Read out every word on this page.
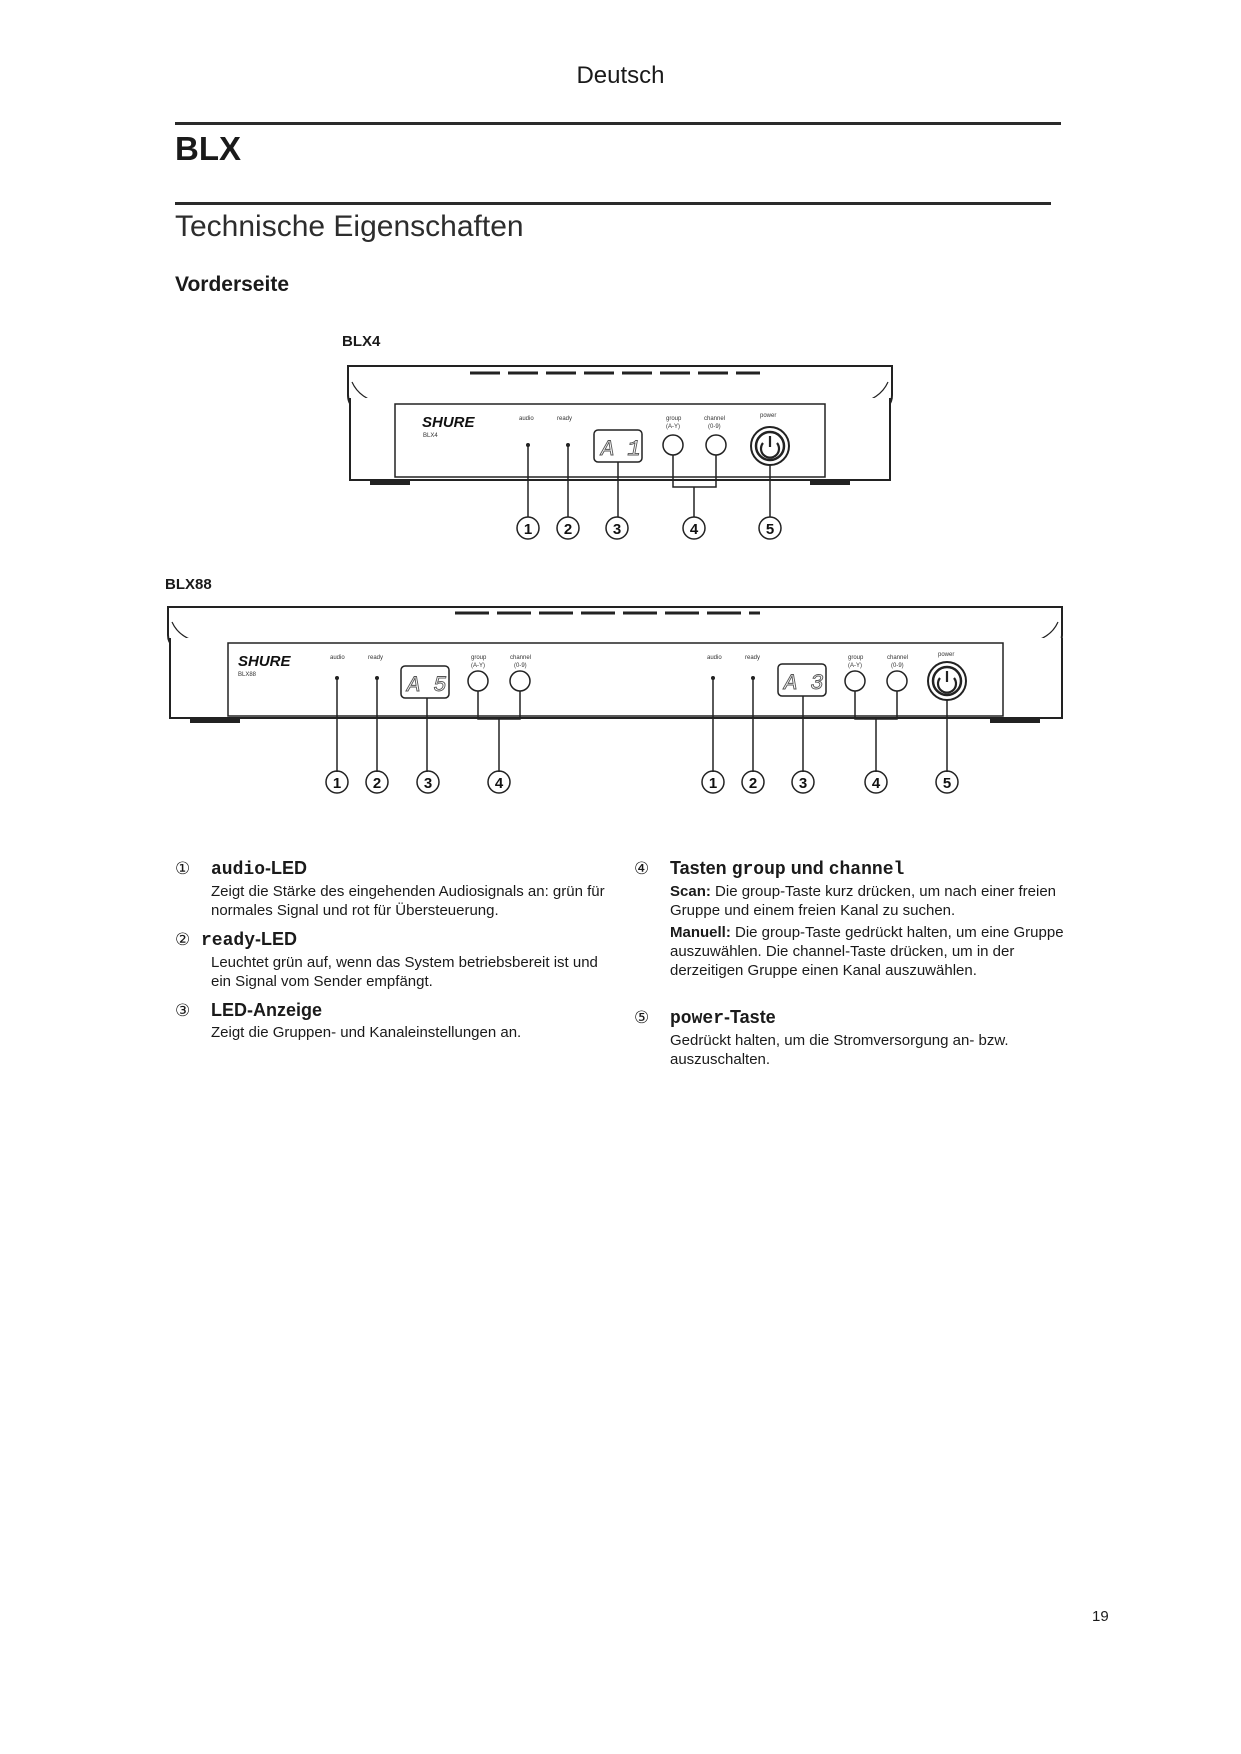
Deutsch
BLX
Technische Eigenschaften
Vorderseite
BLX4
SHURE
BLX4
audio	ready	group
(A-Y)
channel
(0-9)
power
A 1
1 2	3	4	5
BLX88
SHURE
BLX88
audio	ready	group
(A-Y)
channel
(0-9)
audio	ready	group
(A-Y)
channel
(0-9)
power
A 5	A 3
1 2	3	4	1 2	3	4	5
① audio-LED

Zeigt die Stärke des eingehenden Audiosignals an: grün für normales Signal und rot für Übersteuerung.

② ready-LED

Leuchtet grün auf, wenn das System betriebsbereit ist und ein Signal vom Sender empfängt.

③ LED-Anzeige

Zeigt die Gruppen- und Kanaleinstellungen an.

④ Tasten group und channel

Scan: Die group-Taste kurz drücken, um nach einer freien Gruppe und einem freien Kanal zu suchen.

Manuell: Die group-Taste gedrückt halten, um eine Gruppe auszuwählen. Die channel-Taste drücken, um in der derzeitigen Gruppe einen Kanal auszuwählen.

⑤ power-Taste

Gedrückt halten, um die Stromversorgung an- bzw. auszuschalten.

19
